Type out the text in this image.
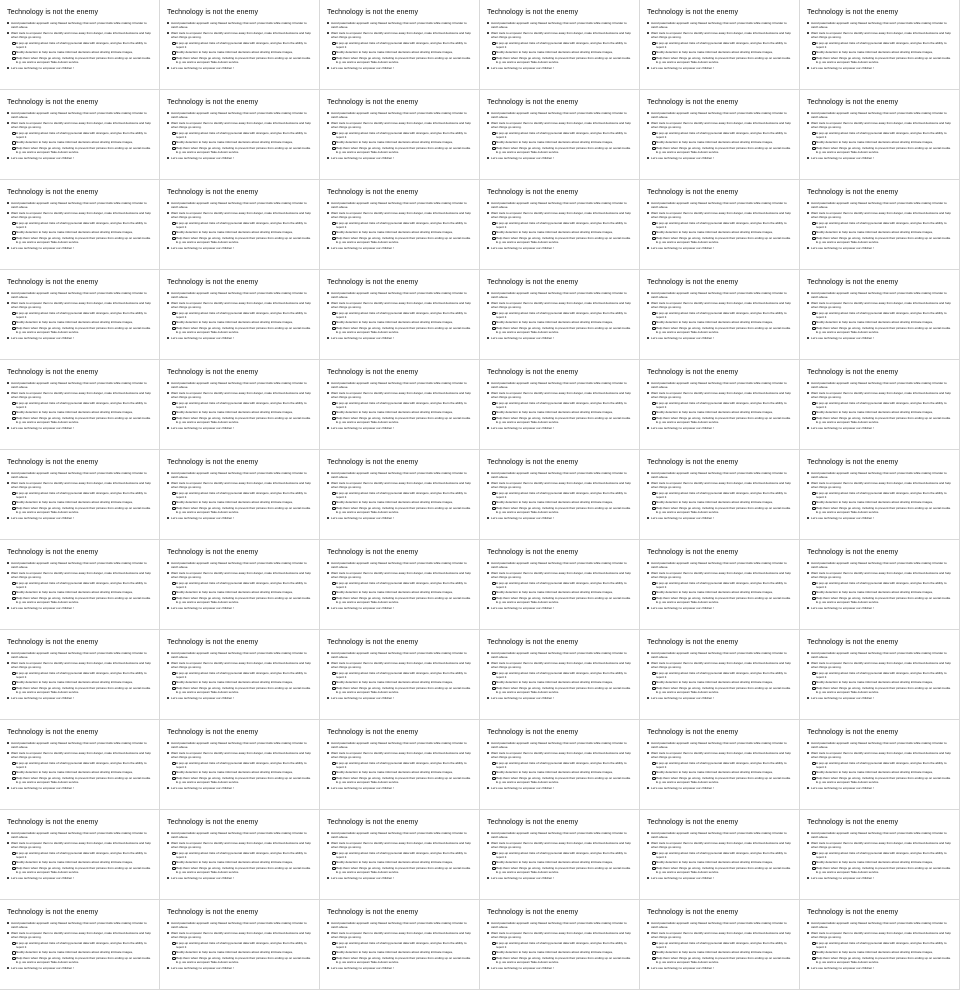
Technology is not the enemy
Avoid paternalistic approach using flawed technology that won't protect kids while making it harder to catch abuse.
Want tools to empower them to identify and move away from danger, make informed decisions and help when things go wrong.
A pop-up warning about risks of sharing personal data with strangers, and give them the ability to report it
Nudity detection to help teens make informed decisions about sharing intimate images,
Help them when things go wrong, including to prevent their pictures from ending up on social media. E.g. we want a european Take-it-down service.
Let's use technology to empower our children !
Technology is not the enemy
Avoid paternalistic approach using flawed technology that won't protect kids while making it harder to catch abuse.
Want tools to empower them to identify and move away from danger, make informed decisions and help when things go wrong.
A pop-up warning about risks of sharing personal data with strangers, and give them the ability to report it
Nudity detection to help teens make informed decisions about sharing intimate images,
Help them when things go wrong, including to prevent their pictures from ending up on social media. E.g. we want a european Take-it-down service.
Let's use technology to empower our children !
Technology is not the enemy
Avoid paternalistic approach using flawed technology that won't protect kids while making it harder to catch abuse.
Want tools to empower them to identify and move away from danger, make informed decisions and help when things go wrong.
A pop-up warning about risks of sharing personal data with strangers, and give them the ability to report it
Nudity detection to help teens make informed decisions about sharing intimate images,
Help them when things go wrong, including to prevent their pictures from ending up on social media. E.g. we want a european Take-it-down service.
Let's use technology to empower our children !
Technology is not the enemy
Avoid paternalistic approach using flawed technology that won't protect kids while making it harder to catch abuse.
Want tools to empower them to identify and move away from danger, make informed decisions and help when things go wrong.
A pop-up warning about risks of sharing personal data with strangers, and give them the ability to report it
Nudity detection to help teens make informed decisions about sharing intimate images,
Help them when things go wrong, including to prevent their pictures from ending up on social media. E.g. we want a european Take-it-down service.
Let's use technology to empower our children !
Technology is not the enemy
Avoid paternalistic approach using flawed technology that won't protect kids while making it harder to catch abuse.
Want tools to empower them to identify and move away from danger, make informed decisions and help when things go wrong.
A pop-up warning about risks of sharing personal data with strangers, and give them the ability to report it
Nudity detection to help teens make informed decisions about sharing intimate images,
Help them when things go wrong, including to prevent their pictures from ending up on social media. E.g. we want a european Take-it-down service.
Let's use technology to empower our children !
Technology is not the enemy
Avoid paternalistic approach using flawed technology that won't protect kids while making it harder to catch abuse.
Want tools to empower them to identify and move away from danger, make informed decisions and help when things go wrong.
A pop-up warning about risks of sharing personal data with strangers, and give them the ability to report it
Nudity detection to help teens make informed decisions about sharing intimate images,
Help them when things go wrong, including to prevent their pictures from ending up on social media. E.g. we want a european Take-it-down service.
Let's use technology to empower our children !
Technology is not the enemy
Avoid paternalistic approach using flawed technology that won't protect kids while making it harder to catch abuse.
Want tools to empower them to identify and move away from danger, make informed decisions and help when things go wrong.
A pop-up warning about risks of sharing personal data with strangers, and give them the ability to report it
Nudity detection to help teens make informed decisions about sharing intimate images,
Help them when things go wrong, including to prevent their pictures from ending up on social media. E.g. we want a european Take-it-down service.
Let's use technology to empower our children !
Technology is not the enemy
Avoid paternalistic approach using flawed technology that won't protect kids while making it harder to catch abuse.
Want tools to empower them to identify and move away from danger, make informed decisions and help when things go wrong.
A pop-up warning about risks of sharing personal data with strangers, and give them the ability to report it
Nudity detection to help teens make informed decisions about sharing intimate images,
Help them when things go wrong, including to prevent their pictures from ending up on social media. E.g. we want a european Take-it-down service.
Let's use technology to empower our children !
Technology is not the enemy
Avoid paternalistic approach using flawed technology that won't protect kids while making it harder to catch abuse.
Want tools to empower them to identify and move away from danger, make informed decisions and help when things go wrong.
A pop-up warning about risks of sharing personal data with strangers, and give them the ability to report it
Nudity detection to help teens make informed decisions about sharing intimate images,
Help them when things go wrong, including to prevent their pictures from ending up on social media. E.g. we want a european Take-it-down service.
Let's use technology to empower our children !
Technology is not the enemy
Avoid paternalistic approach using flawed technology that won't protect kids while making it harder to catch abuse.
Want tools to empower them to identify and move away from danger, make informed decisions and help when things go wrong.
A pop-up warning about risks of sharing personal data with strangers, and give them the ability to report it
Nudity detection to help teens make informed decisions about sharing intimate images,
Help them when things go wrong, including to prevent their pictures from ending up on social media. E.g. we want a european Take-it-down service.
Let's use technology to empower our children !
Technology is not the enemy
Avoid paternalistic approach using flawed technology that won't protect kids while making it harder to catch abuse.
Want tools to empower them to identify and move away from danger, make informed decisions and help when things go wrong.
A pop-up warning about risks of sharing personal data with strangers, and give them the ability to report it
Nudity detection to help teens make informed decisions about sharing intimate images,
Help them when things go wrong, including to prevent their pictures from ending up on social media. E.g. we want a european Take-it-down service.
Let's use technology to empower our children !
Technology is not the enemy
Avoid paternalistic approach using flawed technology that won't protect kids while making it harder to catch abuse.
Want tools to empower them to identify and move away from danger, make informed decisions and help when things go wrong.
A pop-up warning about risks of sharing personal data with strangers, and give them the ability to report it
Nudity detection to help teens make informed decisions about sharing intimate images,
Help them when things go wrong, including to prevent their pictures from ending up on social media. E.g. we want a european Take-it-down service.
Let's use technology to empower our children !
Technology is not the enemy
Avoid paternalistic approach using flawed technology that won't protect kids while making it harder to catch abuse.
Want tools to empower them to identify and move away from danger, make informed decisions and help when things go wrong.
A pop-up warning about risks of sharing personal data with strangers, and give them the ability to report it
Nudity detection to help teens make informed decisions about sharing intimate images,
Help them when things go wrong, including to prevent their pictures from ending up on social media. E.g. we want a european Take-it-down service.
Let's use technology to empower our children !
Technology is not the enemy
Avoid paternalistic approach using flawed technology that won't protect kids while making it harder to catch abuse.
Want tools to empower them to identify and move away from danger, make informed decisions and help when things go wrong.
A pop-up warning about risks of sharing personal data with strangers, and give them the ability to report it
Nudity detection to help teens make informed decisions about sharing intimate images,
Help them when things go wrong, including to prevent their pictures from ending up on social media. E.g. we want a european Take-it-down service.
Let's use technology to empower our children !
Technology is not the enemy
Avoid paternalistic approach using flawed technology that won't protect kids while making it harder to catch abuse.
Want tools to empower them to identify and move away from danger, make informed decisions and help when things go wrong.
A pop-up warning about risks of sharing personal data with strangers, and give them the ability to report it
Nudity detection to help teens make informed decisions about sharing intimate images,
Help them when things go wrong, including to prevent their pictures from ending up on social media. E.g. we want a european Take-it-down service.
Let's use technology to empower our children !
Technology is not the enemy
Avoid paternalistic approach using flawed technology that won't protect kids while making it harder to catch abuse.
Want tools to empower them to identify and move away from danger, make informed decisions and help when things go wrong.
A pop-up warning about risks of sharing personal data with strangers, and give them the ability to report it
Nudity detection to help teens make informed decisions about sharing intimate images,
Help them when things go wrong, including to prevent their pictures from ending up on social media. E.g. we want a european Take-it-down service.
Let's use technology to empower our children !
Technology is not the enemy
Avoid paternalistic approach using flawed technology that won't protect kids while making it harder to catch abuse.
Want tools to empower them to identify and move away from danger, make informed decisions and help when things go wrong.
A pop-up warning about risks of sharing personal data with strangers, and give them the ability to report it
Nudity detection to help teens make informed decisions about sharing intimate images,
Help them when things go wrong, including to prevent their pictures from ending up on social media. E.g. we want a european Take-it-down service.
Let's use technology to empower our children !
Technology is not the enemy
Avoid paternalistic approach using flawed technology that won't protect kids while making it harder to catch abuse.
Want tools to empower them to identify and move away from danger, make informed decisions and help when things go wrong.
A pop-up warning about risks of sharing personal data with strangers, and give them the ability to report it
Nudity detection to help teens make informed decisions about sharing intimate images,
Help them when things go wrong, including to prevent their pictures from ending up on social media. E.g. we want a european Take-it-down service.
Let's use technology to empower our children !
Technology is not the enemy
Avoid paternalistic approach using flawed technology that won't protect kids while making it harder to catch abuse.
Want tools to empower them to identify and move away from danger, make informed decisions and help when things go wrong.
A pop-up warning about risks of sharing personal data with strangers, and give them the ability to report it
Nudity detection to help teens make informed decisions about sharing intimate images,
Help them when things go wrong, including to prevent their pictures from ending up on social media. E.g. we want a european Take-it-down service.
Let's use technology to empower our children !
Technology is not the enemy
Avoid paternalistic approach using flawed technology that won't protect kids while making it harder to catch abuse.
Want tools to empower them to identify and move away from danger, make informed decisions and help when things go wrong.
A pop-up warning about risks of sharing personal data with strangers, and give them the ability to report it
Nudity detection to help teens make informed decisions about sharing intimate images,
Help them when things go wrong, including to prevent their pictures from ending up on social media. E.g. we want a european Take-it-down service.
Let's use technology to empower our children !
Technology is not the enemy
Avoid paternalistic approach using flawed technology that won't protect kids while making it harder to catch abuse.
Want tools to empower them to identify and move away from danger, make informed decisions and help when things go wrong.
A pop-up warning about risks of sharing personal data with strangers, and give them the ability to report it
Nudity detection to help teens make informed decisions about sharing intimate images,
Help them when things go wrong, including to prevent their pictures from ending up on social media. E.g. we want a european Take-it-down service.
Let's use technology to empower our children !
Technology is not the enemy
Avoid paternalistic approach using flawed technology that won't protect kids while making it harder to catch abuse.
Want tools to empower them to identify and move away from danger, make informed decisions and help when things go wrong.
A pop-up warning about risks of sharing personal data with strangers, and give them the ability to report it
Nudity detection to help teens make informed decisions about sharing intimate images,
Help them when things go wrong, including to prevent their pictures from ending up on social media. E.g. we want a european Take-it-down service.
Let's use technology to empower our children !
Technology is not the enemy
Avoid paternalistic approach using flawed technology that won't protect kids while making it harder to catch abuse.
Want tools to empower them to identify and move away from danger, make informed decisions and help when things go wrong.
A pop-up warning about risks of sharing personal data with strangers, and give them the ability to report it
Nudity detection to help teens make informed decisions about sharing intimate images,
Help them when things go wrong, including to prevent their pictures from ending up on social media. E.g. we want a european Take-it-down service.
Let's use technology to empower our children !
Technology is not the enemy
Avoid paternalistic approach using flawed technology that won't protect kids while making it harder to catch abuse.
Want tools to empower them to identify and move away from danger, make informed decisions and help when things go wrong.
A pop-up warning about risks of sharing personal data with strangers, and give them the ability to report it
Nudity detection to help teens make informed decisions about sharing intimate images,
Help them when things go wrong, including to prevent their pictures from ending up on social media. E.g. we want a european Take-it-down service.
Let's use technology to empower our children !
Technology is not the enemy
Avoid paternalistic approach using flawed technology that won't protect kids while making it harder to catch abuse.
Want tools to empower them to identify and move away from danger, make informed decisions and help when things go wrong.
A pop-up warning about risks of sharing personal data with strangers, and give them the ability to report it
Nudity detection to help teens make informed decisions about sharing intimate images,
Help them when things go wrong, including to prevent their pictures from ending up on social media. E.g. we want a european Take-it-down service.
Let's use technology to empower our children !
Technology is not the enemy
Avoid paternalistic approach using flawed technology that won't protect kids while making it harder to catch abuse.
Want tools to empower them to identify and move away from danger, make informed decisions and help when things go wrong.
A pop-up warning about risks of sharing personal data with strangers, and give them the ability to report it
Nudity detection to help teens make informed decisions about sharing intimate images,
Help them when things go wrong, including to prevent their pictures from ending up on social media. E.g. we want a european Take-it-down service.
Let's use technology to empower our children !
Technology is not the enemy
Avoid paternalistic approach using flawed technology that won't protect kids while making it harder to catch abuse.
Want tools to empower them to identify and move away from danger, make informed decisions and help when things go wrong.
A pop-up warning about risks of sharing personal data with strangers, and give them the ability to report it
Nudity detection to help teens make informed decisions about sharing intimate images,
Help them when things go wrong, including to prevent their pictures from ending up on social media. E.g. we want a european Take-it-down service.
Let's use technology to empower our children !
Technology is not the enemy
Avoid paternalistic approach using flawed technology that won't protect kids while making it harder to catch abuse.
Want tools to empower them to identify and move away from danger, make informed decisions and help when things go wrong.
A pop-up warning about risks of sharing personal data with strangers, and give them the ability to report it
Nudity detection to help teens make informed decisions about sharing intimate images,
Help them when things go wrong, including to prevent their pictures from ending up on social media. E.g. we want a european Take-it-down service.
Let's use technology to empower our children !
Technology is not the enemy
Avoid paternalistic approach using flawed technology that won't protect kids while making it harder to catch abuse.
Want tools to empower them to identify and move away from danger, make informed decisions and help when things go wrong.
A pop-up warning about risks of sharing personal data with strangers, and give them the ability to report it
Nudity detection to help teens make informed decisions about sharing intimate images,
Help them when things go wrong, including to prevent their pictures from ending up on social media. E.g. we want a european Take-it-down service.
Let's use technology to empower our children !
Technology is not the enemy
Avoid paternalistic approach using flawed technology that won't protect kids while making it harder to catch abuse.
Want tools to empower them to identify and move away from danger, make informed decisions and help when things go wrong.
A pop-up warning about risks of sharing personal data with strangers, and give them the ability to report it
Nudity detection to help teens make informed decisions about sharing intimate images,
Help them when things go wrong, including to prevent their pictures from ending up on social media. E.g. we want a european Take-it-down service.
Let's use technology to empower our children !
Technology is not the enemy
Avoid paternalistic approach using flawed technology that won't protect kids while making it harder to catch abuse.
Want tools to empower them to identify and move away from danger, make informed decisions and help when things go wrong.
A pop-up warning about risks of sharing personal data with strangers, and give them the ability to report it
Nudity detection to help teens make informed decisions about sharing intimate images,
Help them when things go wrong, including to prevent their pictures from ending up on social media. E.g. we want a european Take-it-down service.
Let's use technology to empower our children !
Technology is not the enemy
Avoid paternalistic approach using flawed technology that won't protect kids while making it harder to catch abuse.
Want tools to empower them to identify and move away from danger, make informed decisions and help when things go wrong.
A pop-up warning about risks of sharing personal data with strangers, and give them the ability to report it
Nudity detection to help teens make informed decisions about sharing intimate images,
Help them when things go wrong, including to prevent their pictures from ending up on social media. E.g. we want a european Take-it-down service.
Let's use technology to empower our children !
Technology is not the enemy
Avoid paternalistic approach using flawed technology that won't protect kids while making it harder to catch abuse.
Want tools to empower them to identify and move away from danger, make informed decisions and help when things go wrong.
A pop-up warning about risks of sharing personal data with strangers, and give them the ability to report it
Nudity detection to help teens make informed decisions about sharing intimate images,
Help them when things go wrong, including to prevent their pictures from ending up on social media. E.g. we want a european Take-it-down service.
Let's use technology to empower our children !
Technology is not the enemy
Avoid paternalistic approach using flawed technology that won't protect kids while making it harder to catch abuse.
Want tools to empower them to identify and move away from danger, make informed decisions and help when things go wrong.
A pop-up warning about risks of sharing personal data with strangers, and give them the ability to report it
Nudity detection to help teens make informed decisions about sharing intimate images,
Help them when things go wrong, including to prevent their pictures from ending up on social media. E.g. we want a european Take-it-down service.
Let's use technology to empower our children !
Technology is not the enemy
Avoid paternalistic approach using flawed technology that won't protect kids while making it harder to catch abuse.
Want tools to empower them to identify and move away from danger, make informed decisions and help when things go wrong.
A pop-up warning about risks of sharing personal data with strangers, and give them the ability to report it
Nudity detection to help teens make informed decisions about sharing intimate images,
Help them when things go wrong, including to prevent their pictures from ending up on social media. E.g. we want a european Take-it-down service.
Let's use technology to empower our children !
Technology is not the enemy
Avoid paternalistic approach using flawed technology that won't protect kids while making it harder to catch abuse.
Want tools to empower them to identify and move away from danger, make informed decisions and help when things go wrong.
A pop-up warning about risks of sharing personal data with strangers, and give them the ability to report it
Nudity detection to help teens make informed decisions about sharing intimate images,
Help them when things go wrong, including to prevent their pictures from ending up on social media. E.g. we want a european Take-it-down service.
Let's use technology to empower our children !
Technology is not the enemy
Avoid paternalistic approach using flawed technology that won't protect kids while making it harder to catch abuse.
Want tools to empower them to identify and move away from danger, make informed decisions and help when things go wrong.
A pop-up warning about risks of sharing personal data with strangers, and give them the ability to report it
Nudity detection to help teens make informed decisions about sharing intimate images,
Help them when things go wrong, including to prevent their pictures from ending up on social media. E.g. we want a european Take-it-down service.
Let's use technology to empower our children !
Technology is not the enemy
Avoid paternalistic approach using flawed technology that won't protect kids while making it harder to catch abuse.
Want tools to empower them to identify and move away from danger, make informed decisions and help when things go wrong.
A pop-up warning about risks of sharing personal data with strangers, and give them the ability to report it
Nudity detection to help teens make informed decisions about sharing intimate images,
Help them when things go wrong, including to prevent their pictures from ending up on social media. E.g. we want a european Take-it-down service.
Let's use technology to empower our children !
Technology is not the enemy
Avoid paternalistic approach using flawed technology that won't protect kids while making it harder to catch abuse.
Want tools to empower them to identify and move away from danger, make informed decisions and help when things go wrong.
A pop-up warning about risks of sharing personal data with strangers, and give them the ability to report it
Nudity detection to help teens make informed decisions about sharing intimate images,
Help them when things go wrong, including to prevent their pictures from ending up on social media. E.g. we want a european Take-it-down service.
Let's use technology to empower our children !
Technology is not the enemy
Avoid paternalistic approach using flawed technology that won't protect kids while making it harder to catch abuse.
Want tools to empower them to identify and move away from danger, make informed decisions and help when things go wrong.
A pop-up warning about risks of sharing personal data with strangers, and give them the ability to report it
Nudity detection to help teens make informed decisions about sharing intimate images,
Help them when things go wrong, including to prevent their pictures from ending up on social media. E.g. we want a european Take-it-down service.
Let's use technology to empower our children !
Technology is not the enemy
Avoid paternalistic approach using flawed technology that won't protect kids while making it harder to catch abuse.
Want tools to empower them to identify and move away from danger, make informed decisions and help when things go wrong.
A pop-up warning about risks of sharing personal data with strangers, and give them the ability to report it
Nudity detection to help teens make informed decisions about sharing intimate images,
Help them when things go wrong, including to prevent their pictures from ending up on social media. E.g. we want a european Take-it-down service.
Let's use technology to empower our children !
Technology is not the enemy
Avoid paternalistic approach using flawed technology that won't protect kids while making it harder to catch abuse.
Want tools to empower them to identify and move away from danger, make informed decisions and help when things go wrong.
A pop-up warning about risks of sharing personal data with strangers, and give them the ability to report it
Nudity detection to help teens make informed decisions about sharing intimate images,
Help them when things go wrong, including to prevent their pictures from ending up on social media. E.g. we want a european Take-it-down service.
Let's use technology to empower our children !
Technology is not the enemy
Avoid paternalistic approach using flawed technology that won't protect kids while making it harder to catch abuse.
Want tools to empower them to identify and move away from danger, make informed decisions and help when things go wrong.
A pop-up warning about risks of sharing personal data with strangers, and give them the ability to report it
Nudity detection to help teens make informed decisions about sharing intimate images,
Help them when things go wrong, including to prevent their pictures from ending up on social media. E.g. we want a european Take-it-down service.
Let's use technology to empower our children !
Technology is not the enemy
Avoid paternalistic approach using flawed technology that won't protect kids while making it harder to catch abuse.
Want tools to empower them to identify and move away from danger, make informed decisions and help when things go wrong.
A pop-up warning about risks of sharing personal data with strangers, and give them the ability to report it
Nudity detection to help teens make informed decisions about sharing intimate images,
Help them when things go wrong, including to prevent their pictures from ending up on social media. E.g. we want a european Take-it-down service.
Let's use technology to empower our children !
Technology is not the enemy
Avoid paternalistic approach using flawed technology that won't protect kids while making it harder to catch abuse.
Want tools to empower them to identify and move away from danger, make informed decisions and help when things go wrong.
A pop-up warning about risks of sharing personal data with strangers, and give them the ability to report it
Nudity detection to help teens make informed decisions about sharing intimate images,
Help them when things go wrong, including to prevent their pictures from ending up on social media. E.g. we want a european Take-it-down service.
Let's use technology to empower our children !
Technology is not the enemy
Avoid paternalistic approach using flawed technology that won't protect kids while making it harder to catch abuse.
Want tools to empower them to identify and move away from danger, make informed decisions and help when things go wrong.
A pop-up warning about risks of sharing personal data with strangers, and give them the ability to report it
Nudity detection to help teens make informed decisions about sharing intimate images,
Help them when things go wrong, including to prevent their pictures from ending up on social media. E.g. we want a european Take-it-down service.
Let's use technology to empower our children !
Technology is not the enemy
Avoid paternalistic approach using flawed technology that won't protect kids while making it harder to catch abuse.
Want tools to empower them to identify and move away from danger, make informed decisions and help when things go wrong.
A pop-up warning about risks of sharing personal data with strangers, and give them the ability to report it
Nudity detection to help teens make informed decisions about sharing intimate images,
Help them when things go wrong, including to prevent their pictures from ending up on social media. E.g. we want a european Take-it-down service.
Let's use technology to empower our children !
Technology is not the enemy
Avoid paternalistic approach using flawed technology that won't protect kids while making it harder to catch abuse.
Want tools to empower them to identify and move away from danger, make informed decisions and help when things go wrong.
A pop-up warning about risks of sharing personal data with strangers, and give them the ability to report it
Nudity detection to help teens make informed decisions about sharing intimate images,
Help them when things go wrong, including to prevent their pictures from ending up on social media. E.g. we want a european Take-it-down service.
Let's use technology to empower our children !
Technology is not the enemy
Avoid paternalistic approach using flawed technology that won't protect kids while making it harder to catch abuse.
Want tools to empower them to identify and move away from danger, make informed decisions and help when things go wrong.
A pop-up warning about risks of sharing personal data with strangers, and give them the ability to report it
Nudity detection to help teens make informed decisions about sharing intimate images,
Help them when things go wrong, including to prevent their pictures from ending up on social media. E.g. we want a european Take-it-down service.
Let's use technology to empower our children !
Technology is not the enemy
Avoid paternalistic approach using flawed technology that won't protect kids while making it harder to catch abuse.
Want tools to empower them to identify and move away from danger, make informed decisions and help when things go wrong.
A pop-up warning about risks of sharing personal data with strangers, and give them the ability to report it
Nudity detection to help teens make informed decisions about sharing intimate images,
Help them when things go wrong, including to prevent their pictures from ending up on social media. E.g. we want a european Take-it-down service.
Let's use technology to empower our children !
Technology is not the enemy
Avoid paternalistic approach using flawed technology that won't protect kids while making it harder to catch abuse.
Want tools to empower them to identify and move away from danger, make informed decisions and help when things go wrong.
A pop-up warning about risks of sharing personal data with strangers, and give them the ability to report it
Nudity detection to help teens make informed decisions about sharing intimate images,
Help them when things go wrong, including to prevent their pictures from ending up on social media. E.g. we want a european Take-it-down service.
Let's use technology to empower our children !
Technology is not the enemy
Avoid paternalistic approach using flawed technology that won't protect kids while making it harder to catch abuse.
Want tools to empower them to identify and move away from danger, make informed decisions and help when things go wrong.
A pop-up warning about risks of sharing personal data with strangers, and give them the ability to report it
Nudity detection to help teens make informed decisions about sharing intimate images,
Help them when things go wrong, including to prevent their pictures from ending up on social media. E.g. we want a european Take-it-down service.
Let's use technology to empower our children !
Technology is not the enemy
Avoid paternalistic approach using flawed technology that won't protect kids while making it harder to catch abuse.
Want tools to empower them to identify and move away from danger, make informed decisions and help when things go wrong.
A pop-up warning about risks of sharing personal data with strangers, and give them the ability to report it
Nudity detection to help teens make informed decisions about sharing intimate images,
Help them when things go wrong, including to prevent their pictures from ending up on social media. E.g. we want a european Take-it-down service.
Let's use technology to empower our children !
Technology is not the enemy
Avoid paternalistic approach using flawed technology that won't protect kids while making it harder to catch abuse.
Want tools to empower them to identify and move away from danger, make informed decisions and help when things go wrong.
A pop-up warning about risks of sharing personal data with strangers, and give them the ability to report it
Nudity detection to help teens make informed decisions about sharing intimate images,
Help them when things go wrong, including to prevent their pictures from ending up on social media. E.g. we want a european Take-it-down service.
Let's use technology to empower our children !
Technology is not the enemy
Avoid paternalistic approach using flawed technology that won't protect kids while making it harder to catch abuse.
Want tools to empower them to identify and move away from danger, make informed decisions and help when things go wrong.
A pop-up warning about risks of sharing personal data with strangers, and give them the ability to report it
Nudity detection to help teens make informed decisions about sharing intimate images,
Help them when things go wrong, including to prevent their pictures from ending up on social media. E.g. we want a european Take-it-down service.
Let's use technology to empower our children !
Technology is not the enemy
Avoid paternalistic approach using flawed technology that won't protect kids while making it harder to catch abuse.
Want tools to empower them to identify and move away from danger, make informed decisions and help when things go wrong.
A pop-up warning about risks of sharing personal data with strangers, and give them the ability to report it
Nudity detection to help teens make informed decisions about sharing intimate images,
Help them when things go wrong, including to prevent their pictures from ending up on social media. E.g. we want a european Take-it-down service.
Let's use technology to empower our children !
Technology is not the enemy
Avoid paternalistic approach using flawed technology that won't protect kids while making it harder to catch abuse.
Want tools to empower them to identify and move away from danger, make informed decisions and help when things go wrong.
A pop-up warning about risks of sharing personal data with strangers, and give them the ability to report it
Nudity detection to help teens make informed decisions about sharing intimate images,
Help them when things go wrong, including to prevent their pictures from ending up on social media. E.g. we want a european Take-it-down service.
Let's use technology to empower our children !
Technology is not the enemy
Avoid paternalistic approach using flawed technology that won't protect kids while making it harder to catch abuse.
Want tools to empower them to identify and move away from danger, make informed decisions and help when things go wrong.
A pop-up warning about risks of sharing personal data with strangers, and give them the ability to report it
Nudity detection to help teens make informed decisions about sharing intimate images,
Help them when things go wrong, including to prevent their pictures from ending up on social media. E.g. we want a european Take-it-down service.
Let's use technology to empower our children !
Technology is not the enemy
Avoid paternalistic approach using flawed technology that won't protect kids while making it harder to catch abuse.
Want tools to empower them to identify and move away from danger, make informed decisions and help when things go wrong.
A pop-up warning about risks of sharing personal data with strangers, and give them the ability to report it
Nudity detection to help teens make informed decisions about sharing intimate images,
Help them when things go wrong, including to prevent their pictures from ending up on social media. E.g. we want a european Take-it-down service.
Let's use technology to empower our children !
Technology is not the enemy
Avoid paternalistic approach using flawed technology that won't protect kids while making it harder to catch abuse.
Want tools to empower them to identify and move away from danger, make informed decisions and help when things go wrong.
A pop-up warning about risks of sharing personal data with strangers, and give them the ability to report it
Nudity detection to help teens make informed decisions about sharing intimate images,
Help them when things go wrong, including to prevent their pictures from ending up on social media. E.g. we want a european Take-it-down service.
Let's use technology to empower our children !
Technology is not the enemy
Avoid paternalistic approach using flawed technology that won't protect kids while making it harder to catch abuse.
Want tools to empower them to identify and move away from danger, make informed decisions and help when things go wrong.
A pop-up warning about risks of sharing personal data with strangers, and give them the ability to report it
Nudity detection to help teens make informed decisions about sharing intimate images,
Help them when things go wrong, including to prevent their pictures from ending up on social media. E.g. we want a european Take-it-down service.
Let's use technology to empower our children !
Technology is not the enemy
Avoid paternalistic approach using flawed technology that won't protect kids while making it harder to catch abuse.
Want tools to empower them to identify and move away from danger, make informed decisions and help when things go wrong.
A pop-up warning about risks of sharing personal data with strangers, and give them the ability to report it
Nudity detection to help teens make informed decisions about sharing intimate images,
Help them when things go wrong, including to prevent their pictures from ending up on social media. E.g. we want a european Take-it-down service.
Let's use technology to empower our children !
Technology is not the enemy
Avoid paternalistic approach using flawed technology that won't protect kids while making it harder to catch abuse.
Want tools to empower them to identify and move away from danger, make informed decisions and help when things go wrong.
A pop-up warning about risks of sharing personal data with strangers, and give them the ability to report it
Nudity detection to help teens make informed decisions about sharing intimate images,
Help them when things go wrong, including to prevent their pictures from ending up on social media. E.g. we want a european Take-it-down service.
Let's use technology to empower our children !
Technology is not the enemy
Avoid paternalistic approach using flawed technology that won't protect kids while making it harder to catch abuse.
Want tools to empower them to identify and move away from danger, make informed decisions and help when things go wrong.
A pop-up warning about risks of sharing personal data with strangers, and give them the ability to report it
Nudity detection to help teens make informed decisions about sharing intimate images,
Help them when things go wrong, including to prevent their pictures from ending up on social media. E.g. we want a european Take-it-down service.
Let's use technology to empower our children !
Technology is not the enemy
Avoid paternalistic approach using flawed technology that won't protect kids while making it harder to catch abuse.
Want tools to empower them to identify and move away from danger, make informed decisions and help when things go wrong.
A pop-up warning about risks of sharing personal data with strangers, and give them the ability to report it
Nudity detection to help teens make informed decisions about sharing intimate images,
Help them when things go wrong, including to prevent their pictures from ending up on social media. E.g. we want a european Take-it-down service.
Let's use technology to empower our children !
Technology is not the enemy
Avoid paternalistic approach using flawed technology that won't protect kids while making it harder to catch abuse.
Want tools to empower them to identify and move away from danger, make informed decisions and help when things go wrong.
A pop-up warning about risks of sharing personal data with strangers, and give them the ability to report it
Nudity detection to help teens make informed decisions about sharing intimate images,
Help them when things go wrong, including to prevent their pictures from ending up on social media. E.g. we want a european Take-it-down service.
Let's use technology to empower our children !
